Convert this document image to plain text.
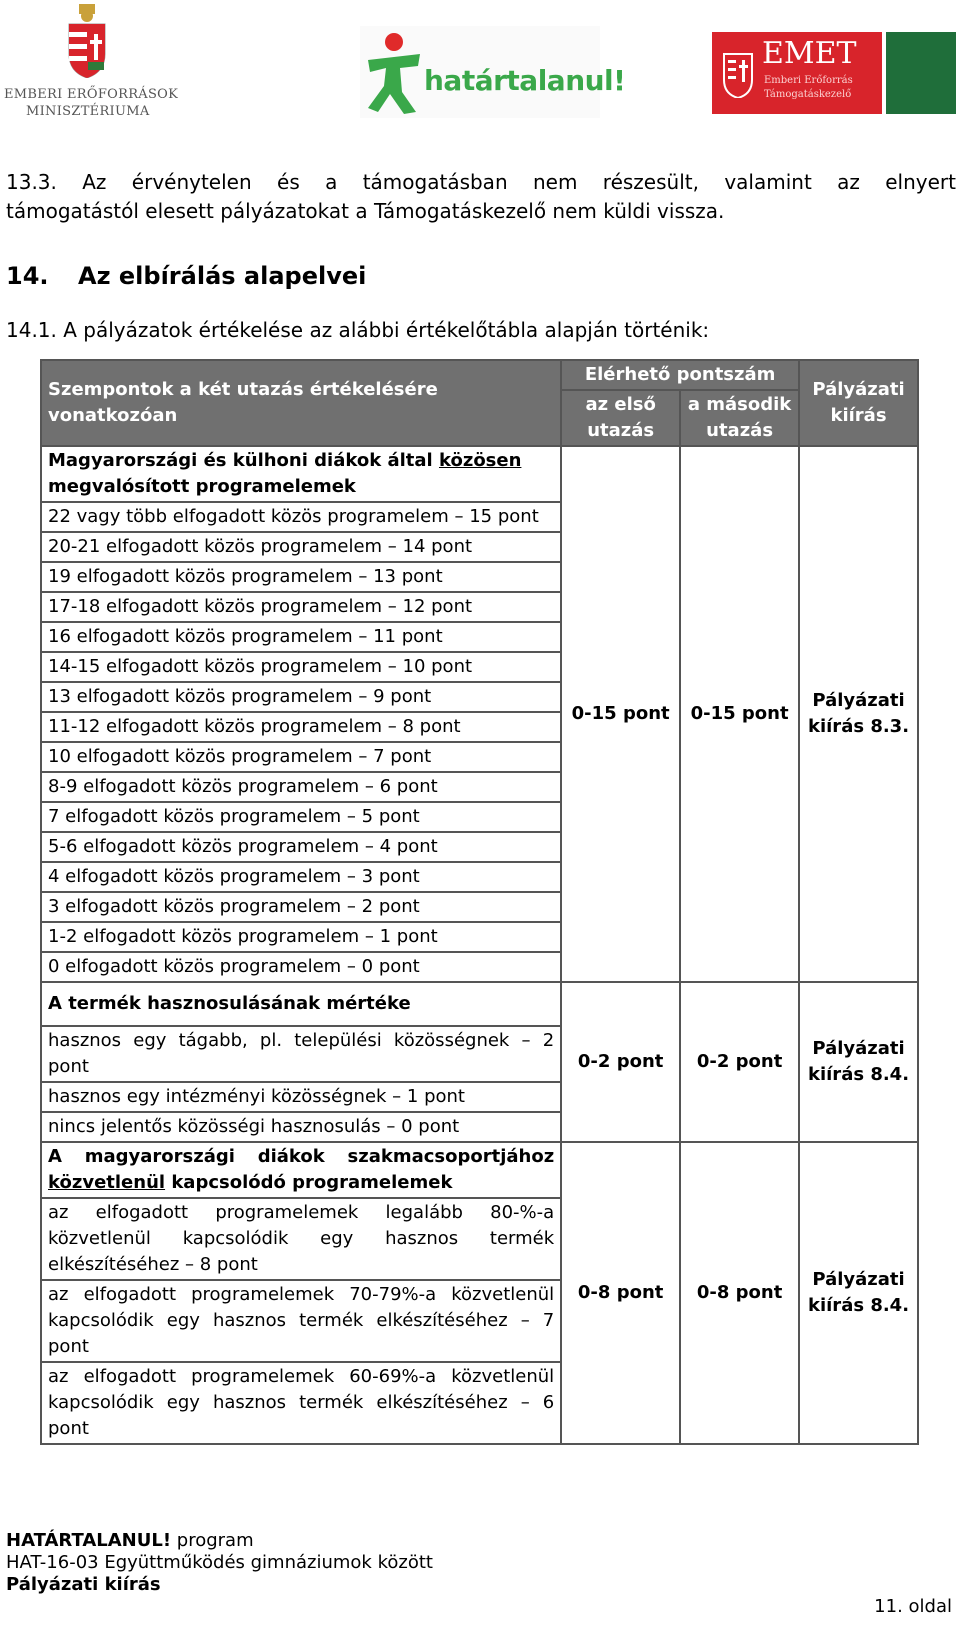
EMBERI ERŐFORRÁSOK
MINISZTÉRIUMA
határtalanul!
EMET
Emberi Erőforrás
Támogatáskezelő
13.3. Az érvénytelen és a támogatásban nem részesült, valamint az elnyert
támogatástól elesett pályázatokat a Támogatáskezelő nem küldi vissza.
14. Az elbírálás alapelvei
14.1. A pályázatok értékelése az alábbi értékelőtábla alapján történik:
Szempontok a két utazás értékelésére vonatkozóan	Elérhető pontszám		Pályázati kiírás
	az első utazás	a második utazás	
Magyarországi és külhoni diákok által közösen megvalósított programelemek	0-15 pont	0-15 pont	Pályázati kiírás 8.3.
22 vagy több elfogadott közös programelem – 15 pont			
20-21 elfogadott közös programelem – 14 pont			
19 elfogadott közös programelem – 13 pont			
17-18 elfogadott közös programelem – 12 pont			
16 elfogadott közös programelem – 11 pont			
14-15 elfogadott közös programelem – 10 pont			
13 elfogadott közös programelem – 9 pont			
11-12 elfogadott közös programelem – 8 pont			
10 elfogadott közös programelem – 7 pont			
8-9 elfogadott közös programelem – 6 pont			
7 elfogadott közös programelem – 5 pont			
5-6 elfogadott közös programelem – 4 pont			
4 elfogadott közös programelem – 3 pont			
3 elfogadott közös programelem – 2 pont			
1-2 elfogadott közös programelem – 1 pont			
0 elfogadott közös programelem – 0 pont			
A termék hasznosulásának mértéke	0-2 pont	0-2 pont	Pályázati kiírás 8.4.
hasznos egy tágabb, pl. települési közösségnek – 2 pont			
hasznos egy intézményi közösségnek – 1 pont			
nincs jelentős közösségi hasznosulás – 0 pont			
A magyarországi diákok szakmacsoportjához közvetlenül kapcsolódó programelemek	0-8 pont	0-8 pont	Pályázati kiírás 8.4.
az elfogadott programelemek legalább 80-%-a közvetlenül kapcsolódik egy hasznos termék elkészítéséhez – 8 pont			
az elfogadott programelemek 70-79%-a közvetlenül kapcsolódik egy hasznos termék elkészítéséhez – 7 pont			
az elfogadott programelemek 60-69%-a közvetlenül kapcsolódik egy hasznos termék elkészítéséhez – 6 pont			
HATÁRTALANUL! program
HAT-16-03 Együttműködés gimnáziumok között
Pályázati kiírás
11. oldal
